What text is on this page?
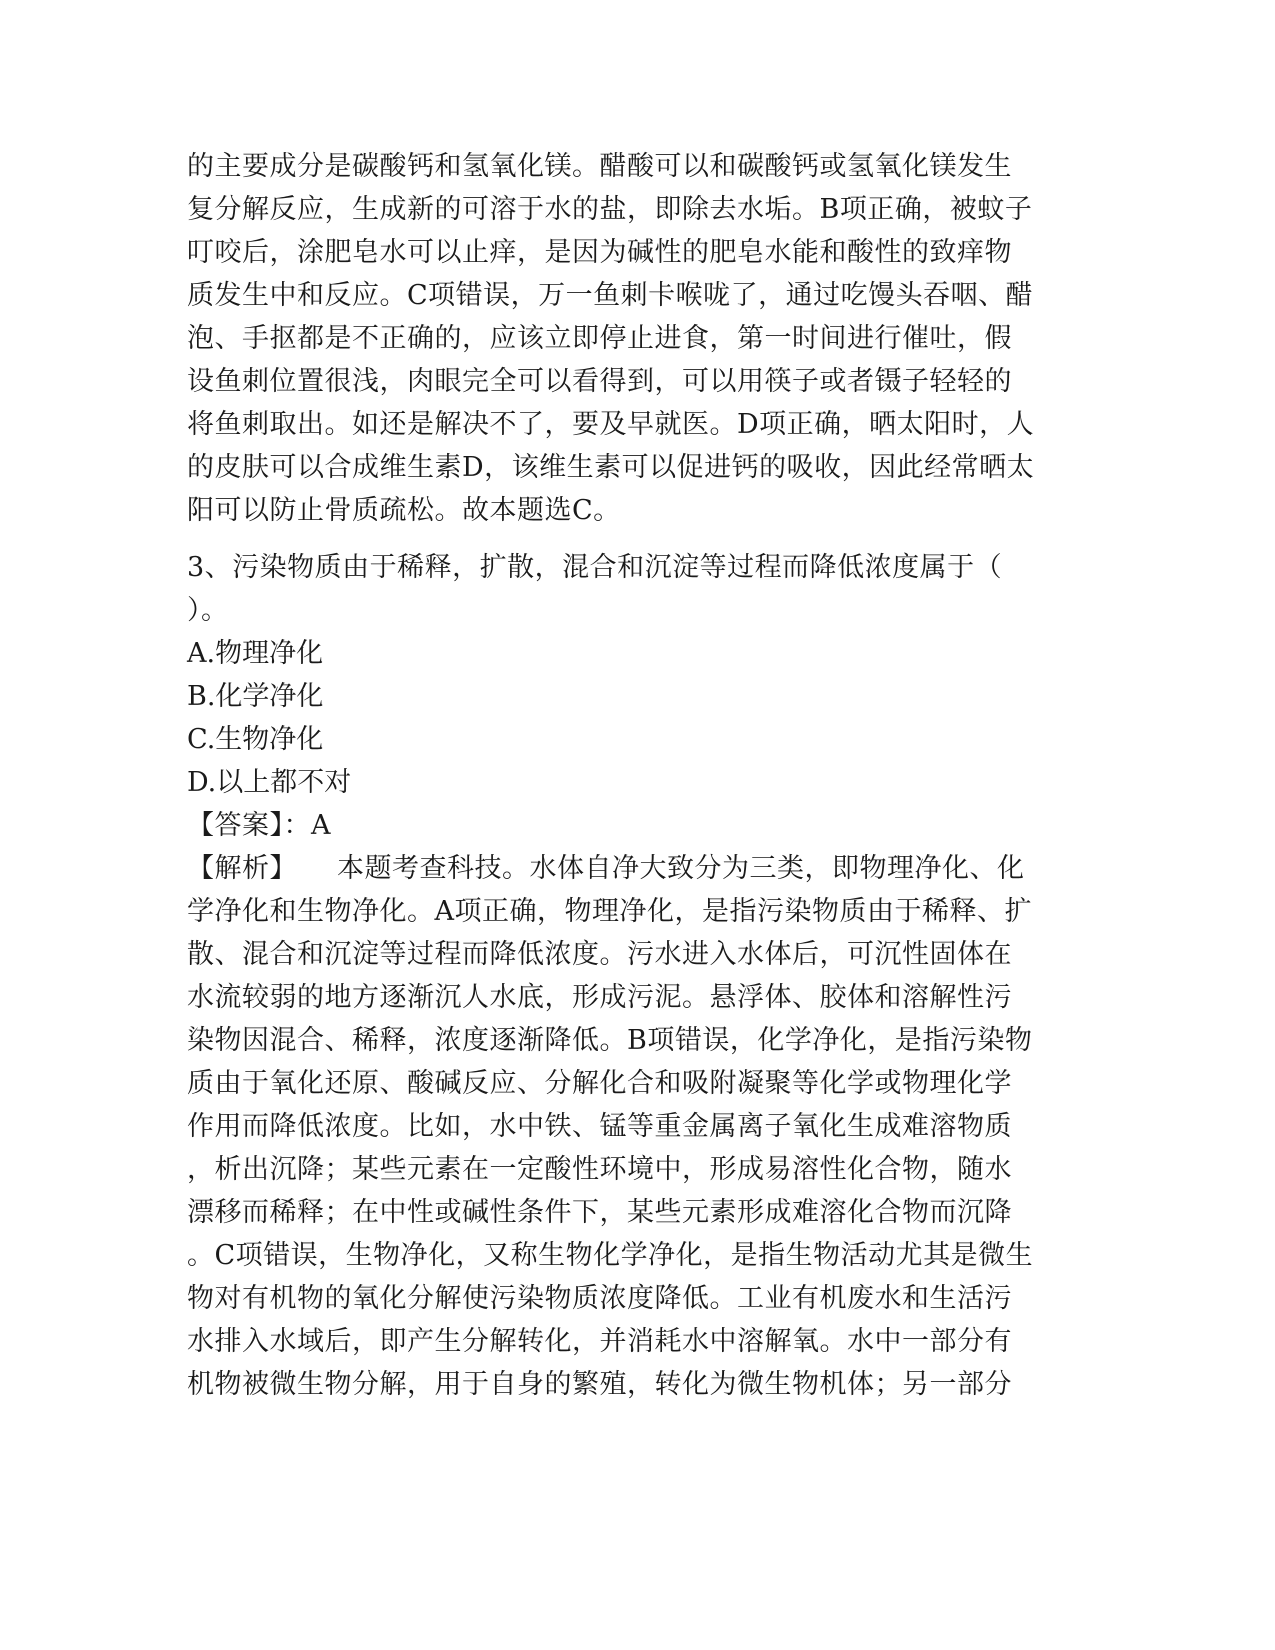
的主要成分是碳酸钙和氢氧化镁。醋酸可以和碳酸钙或氢氧化镁发生
复分解反应，生成新的可溶于水的盐，即除去水垢。B项正确，被蚊子
叮咬后，涂肥皂水可以止痒，是因为碱性的肥皂水能和酸性的致痒物
质发生中和反应。C项错误，万一鱼刺卡喉咙了，通过吃馒头吞咽、醋
泡、手抠都是不正确的，应该立即停止进食，第一时间进行催吐，假
设鱼刺位置很浅，肉眼完全可以看得到，可以用筷子或者镊子轻轻的
将鱼刺取出。如还是解决不了，要及早就医。D项正确，晒太阳时，人
的皮肤可以合成维生素D，该维生素可以促进钙的吸收，因此经常晒太
阳可以防止骨质疏松。故本题选C。
3、污染物质由于稀释，扩散，混合和沉淀等过程而降低浓度属于（
）。
A.物理净化
B.化学净化
C.生物净化
D.以上都不对
【答案】：A
【解析】 本题考查科技。水体自净大致分为三类，即物理净化、化
学净化和生物净化。A项正确，物理净化，是指污染物质由于稀释、扩
散、混合和沉淀等过程而降低浓度。污水进入水体后，可沉性固体在
水流较弱的地方逐渐沉人水底，形成污泥。悬浮体、胶体和溶解性污
染物因混合、稀释，浓度逐渐降低。B项错误，化学净化，是指污染物
质由于氧化还原、酸碱反应、分解化合和吸附凝聚等化学或物理化学
作用而降低浓度。比如，水中铁、锰等重金属离子氧化生成难溶物质
，析出沉降；某些元素在一定酸性环境中，形成易溶性化合物，随水
漂移而稀释；在中性或碱性条件下，某些元素形成难溶化合物而沉降
。C项错误，生物净化，又称生物化学净化，是指生物活动尤其是微生
物对有机物的氧化分解使污染物质浓度降低。工业有机废水和生活污
水排入水域后，即产生分解转化，并消耗水中溶解氧。水中一部分有
机物被微生物分解，用于自身的繁殖，转化为微生物机体；另一部分
